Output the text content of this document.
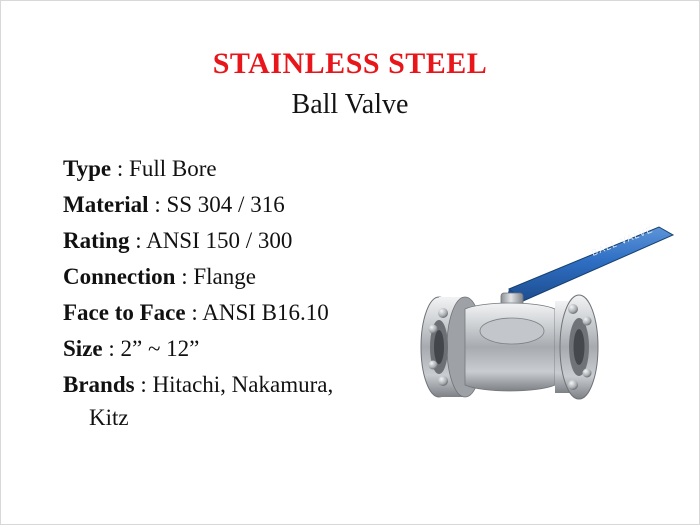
STAINLESS STEEL
Ball Valve
Type : Full Bore
Material : SS 304 / 316
Rating : ANSI 150 / 300
Connection : Flange
Face to Face : ANSI B16.10
Size : 2” ~ 12”
Brands : Hitachi, Nakamura,
Kitz
BALL VALVE
